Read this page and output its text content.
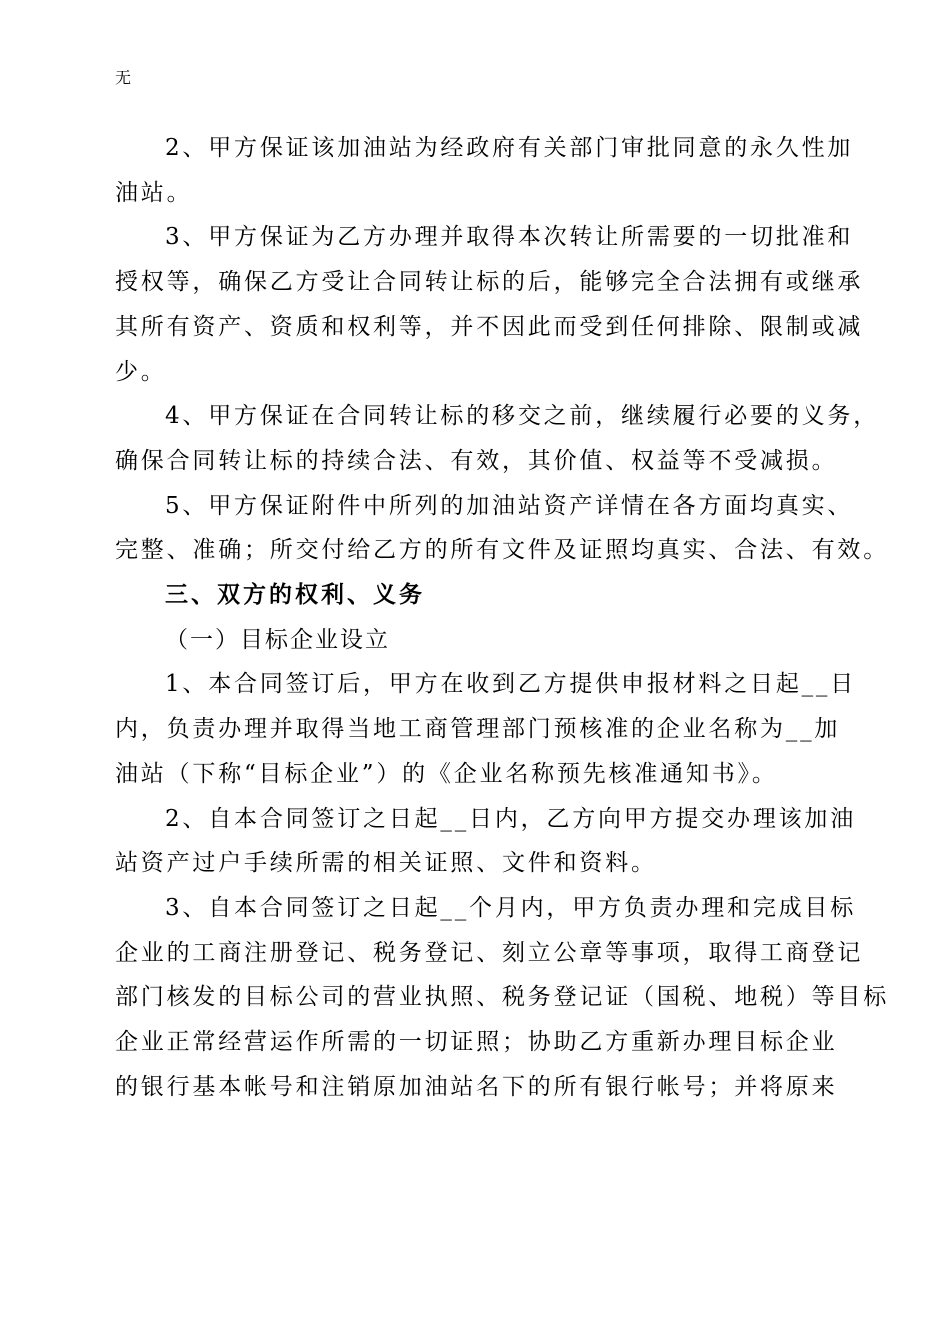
无

2、甲方保证该加油站为经政府有关部门审批同意的永久性加
油站。

3、甲方保证为乙方办理并取得本次转让所需要的一切批准和
授权等，确保乙方受让合同转让标的后，能够完全合法拥有或继承
其所有资产、资质和权利等，并不因此而受到任何排除、限制或减
少。

4、甲方保证在合同转让标的移交之前，继续履行必要的义务，
确保合同转让标的持续合法、有效，其价值、权益等不受减损。

5、甲方保证附件中所列的加油站资产详情在各方面均真实、
完整、准确；所交付给乙方的所有文件及证照均真实、合法、有效。

三、双方的权利、义务

（一）目标企业设立

1、本合同签订后，甲方在收到乙方提供申报材料之日起__日
内，负责办理并取得当地工商管理部门预核准的企业名称为__加
油站（下称“目标企业”）的《企业名称预先核准通知书》。

2、自本合同签订之日起__日内，乙方向甲方提交办理该加油
站资产过户手续所需的相关证照、文件和资料。

3、自本合同签订之日起__个月内，甲方负责办理和完成目标
企业的工商注册登记、税务登记、刻立公章等事项，取得工商登记
部门核发的目标公司的营业执照、税务登记证（国税、地税）等目标
企业正常经营运作所需的一切证照；协助乙方重新办理目标企业
的银行基本帐号和注销原加油站名下的所有银行帐号；并将原来
